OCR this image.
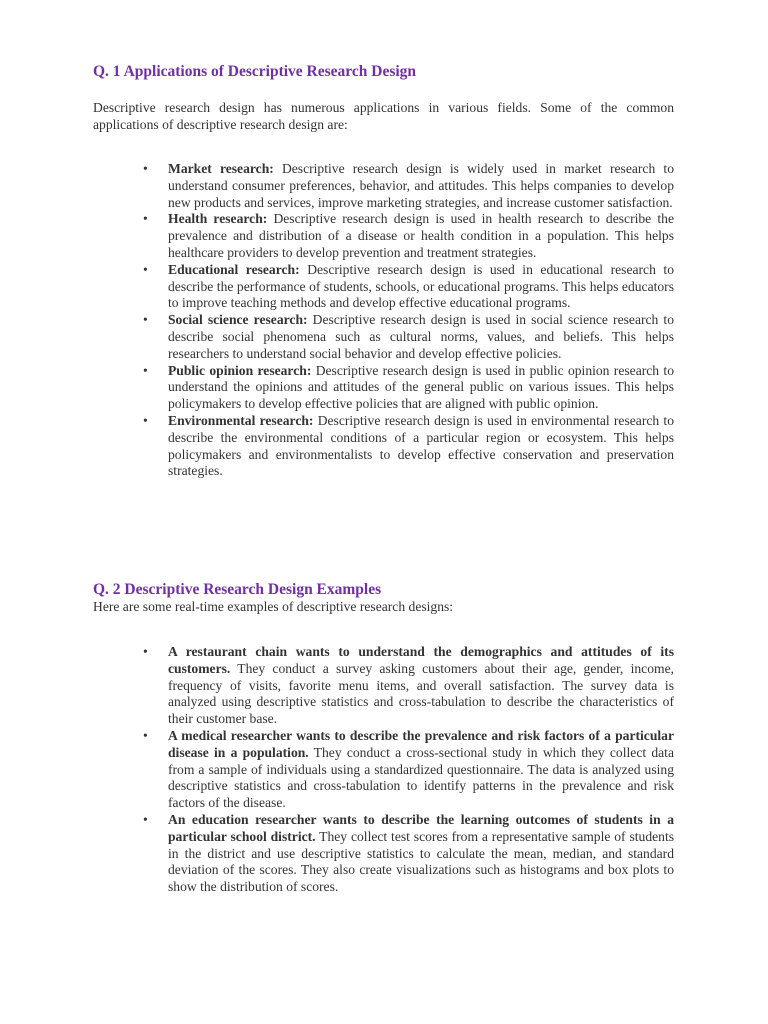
Q. 1 Applications of Descriptive Research Design

Descriptive research design has numerous applications in various fields. Some of the common applications of descriptive research design are:

• Market research: Descriptive research design is widely used in market research to understand consumer preferences, behavior, and attitudes. This helps companies to develop new products and services, improve marketing strategies, and increase customer satisfaction.
• Health research: Descriptive research design is used in health research to describe the prevalence and distribution of a disease or health condition in a population. This helps healthcare providers to develop prevention and treatment strategies.
• Educational research: Descriptive research design is used in educational research to describe the performance of students, schools, or educational programs. This helps educators to improve teaching methods and develop effective educational programs.
• Social science research: Descriptive research design is used in social science research to describe social phenomena such as cultural norms, values, and beliefs. This helps researchers to understand social behavior and develop effective policies.
• Public opinion research: Descriptive research design is used in public opinion research to understand the opinions and attitudes of the general public on various issues. This helps policymakers to develop effective policies that are aligned with public opinion.
• Environmental research: Descriptive research design is used in environmental research to describe the environmental conditions of a particular region or ecosystem. This helps policymakers and environmentalists to develop effective conservation and preservation strategies.
Q. 2 Descriptive Research Design Examples

Here are some real-time examples of descriptive research designs:

• A restaurant chain wants to understand the demographics and attitudes of its customers. They conduct a survey asking customers about their age, gender, income, frequency of visits, favorite menu items, and overall satisfaction. The survey data is analyzed using descriptive statistics and cross-tabulation to describe the characteristics of their customer base.
• A medical researcher wants to describe the prevalence and risk factors of a particular disease in a population. They conduct a cross-sectional study in which they collect data from a sample of individuals using a standardized questionnaire. The data is analyzed using descriptive statistics and cross-tabulation to identify patterns in the prevalence and risk factors of the disease.
• An education researcher wants to describe the learning outcomes of students in a particular school district. They collect test scores from a representative sample of students in the district and use descriptive statistics to calculate the mean, median, and standard deviation of the scores. They also create visualizations such as histograms and box plots to show the distribution of scores.
